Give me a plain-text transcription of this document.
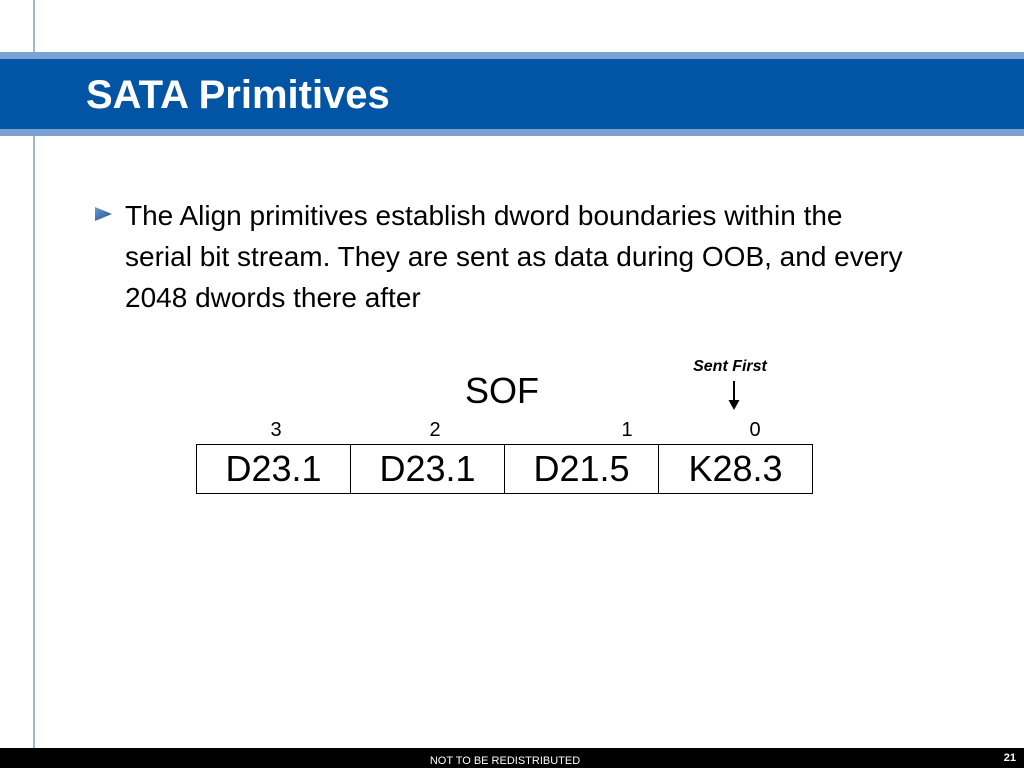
SATA Primitives

The Align primitives establish dword boundaries within the serial bit stream. They are sent as data during OOB, and every 2048 dwords there after

Sent First
SOF
3	2	1	0
D23.1	D23.1	D21.5	K28.3
NOT TO BE REDISTRIBUTED	21
